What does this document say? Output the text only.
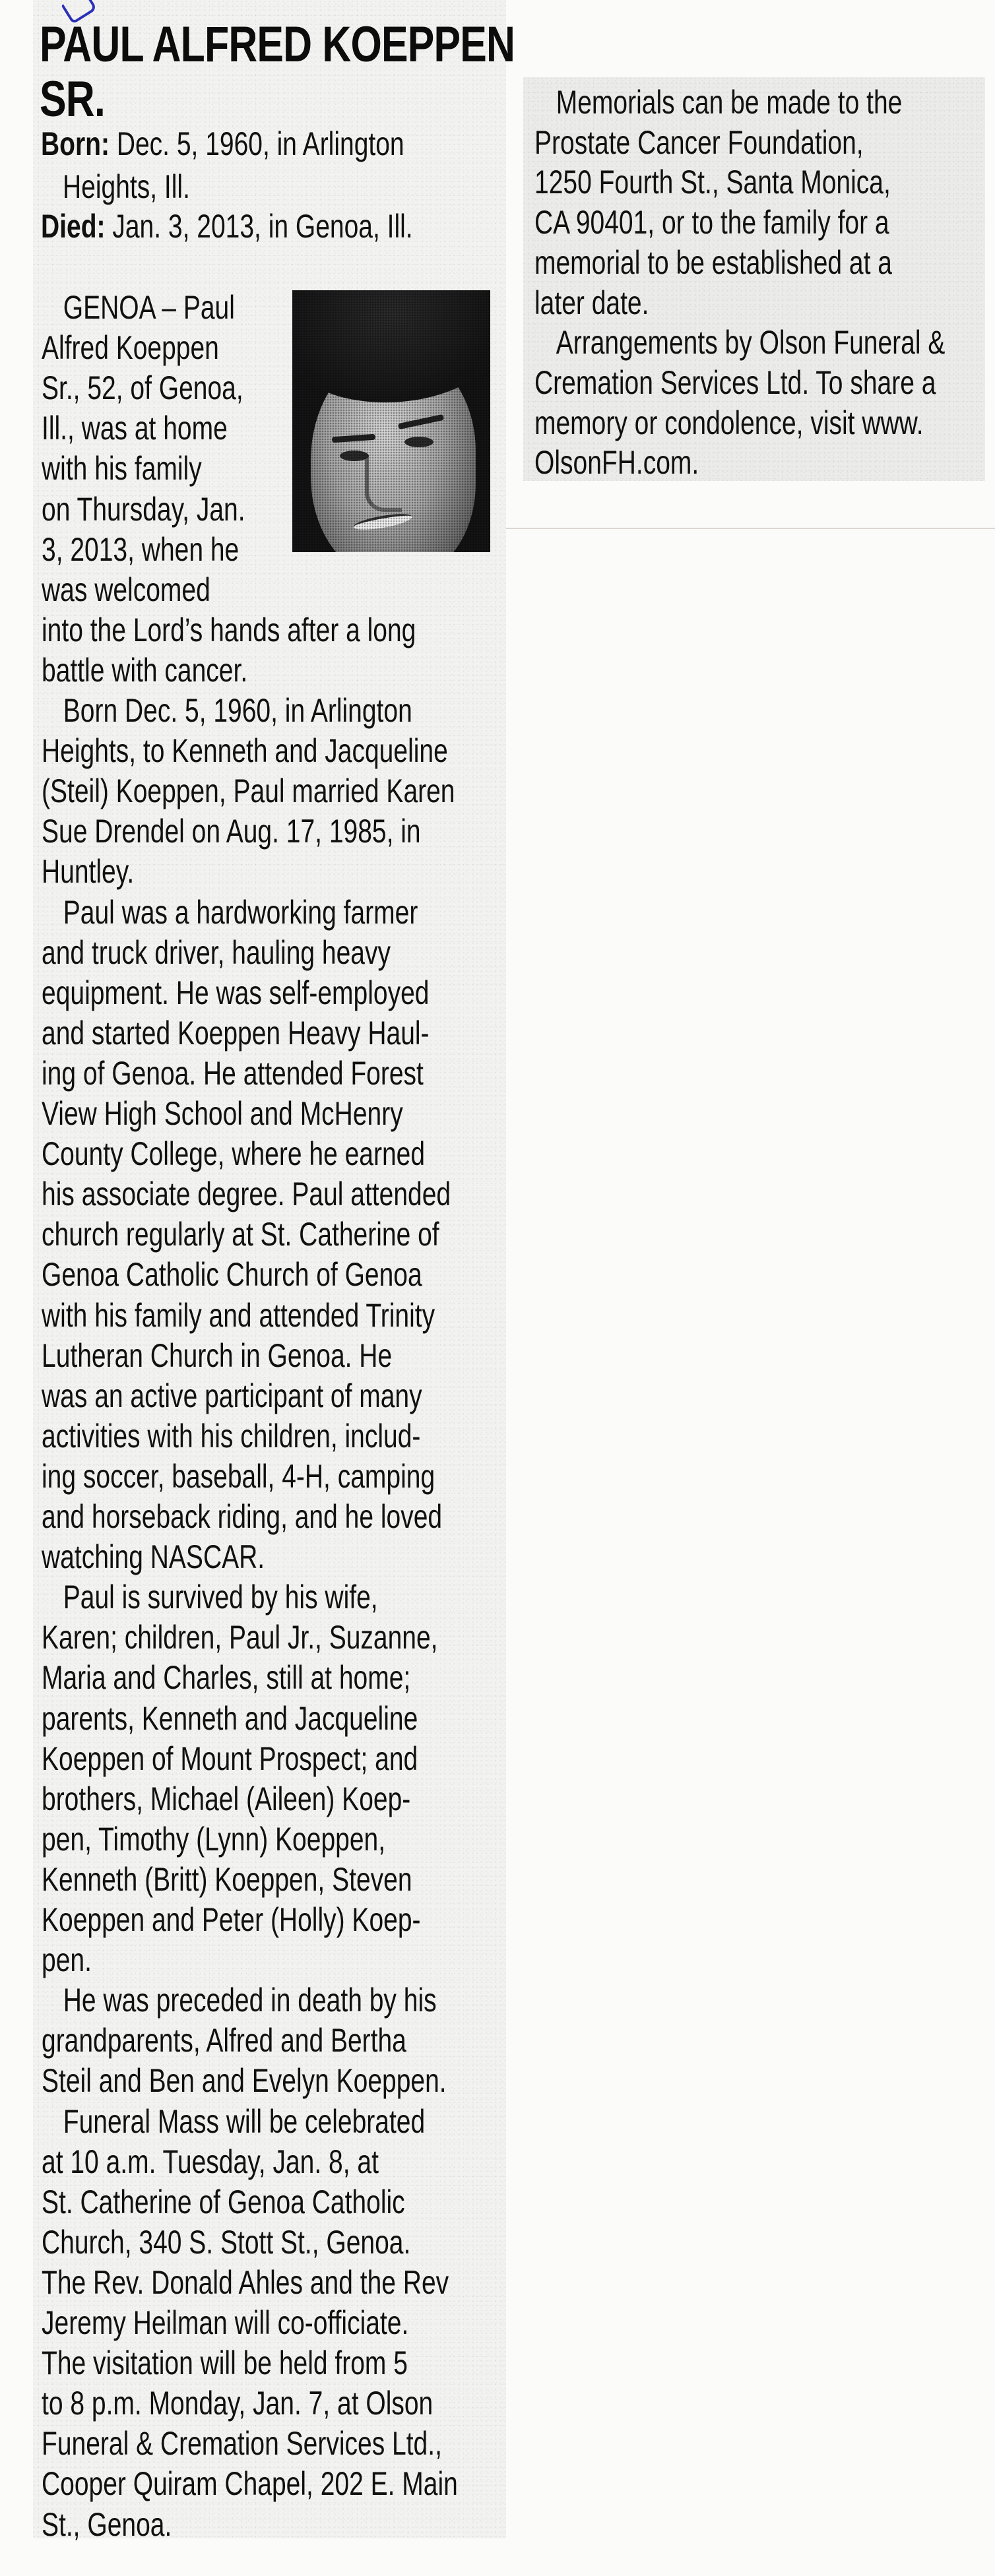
PAUL ALFRED KOEPPEN
SR.
Born: Dec. 5, 1960, in Arlington
Heights, Ill.
Died: Jan. 3, 2013, in Genoa, Ill.
GENOA – Paul
Alfred Koeppen
Sr., 52, of Genoa,
Ill., was at home
with his family
on Thursday, Jan.
3, 2013, when he
was welcomed
into the Lord’s hands after a long
battle with cancer.
Born Dec. 5, 1960, in Arlington
Heights, to Kenneth and Jacqueline
(Steil) Koeppen, Paul married Karen
Sue Drendel on Aug. 17, 1985, in
Huntley.
Paul was a hardworking farmer
and truck driver, hauling heavy
equipment. He was self-employed
and started Koeppen Heavy Haul-
ing of Genoa. He attended Forest
View High School and McHenry
County College, where he earned
his associate degree. Paul attended
church regularly at St. Catherine of
Genoa Catholic Church of Genoa
with his family and attended Trinity
Lutheran Church in Genoa. He
was an active participant of many
activities with his children, includ-
ing soccer, baseball, 4-H, camping
and horseback riding, and he loved
watching NASCAR.
Paul is survived by his wife,
Karen; children, Paul Jr., Suzanne,
Maria and Charles, still at home;
parents, Kenneth and Jacqueline
Koeppen of Mount Prospect; and
brothers, Michael (Aileen) Koep-
pen, Timothy (Lynn) Koeppen,
Kenneth (Britt) Koeppen, Steven
Koeppen and Peter (Holly) Koep-
pen.
He was preceded in death by his
grandparents, Alfred and Bertha
Steil and Ben and Evelyn Koeppen.
Funeral Mass will be celebrated
at 10 a.m. Tuesday, Jan. 8, at
St. Catherine of Genoa Catholic
Church, 340 S. Stott St., Genoa.
The Rev. Donald Ahles and the Rev
Jeremy Heilman will co-officiate.
The visitation will be held from 5
to 8 p.m. Monday, Jan. 7, at Olson
Funeral & Cremation Services Ltd.,
Cooper Quiram Chapel, 202 E. Main
St., Genoa.
Memorials can be made to the
Prostate Cancer Foundation,
1250 Fourth St., Santa Monica,
CA 90401, or to the family for a
memorial to be established at a
later date.
Arrangements by Olson Funeral &
Cremation Services Ltd. To share a
memory or condolence, visit www.
OlsonFH.com.
